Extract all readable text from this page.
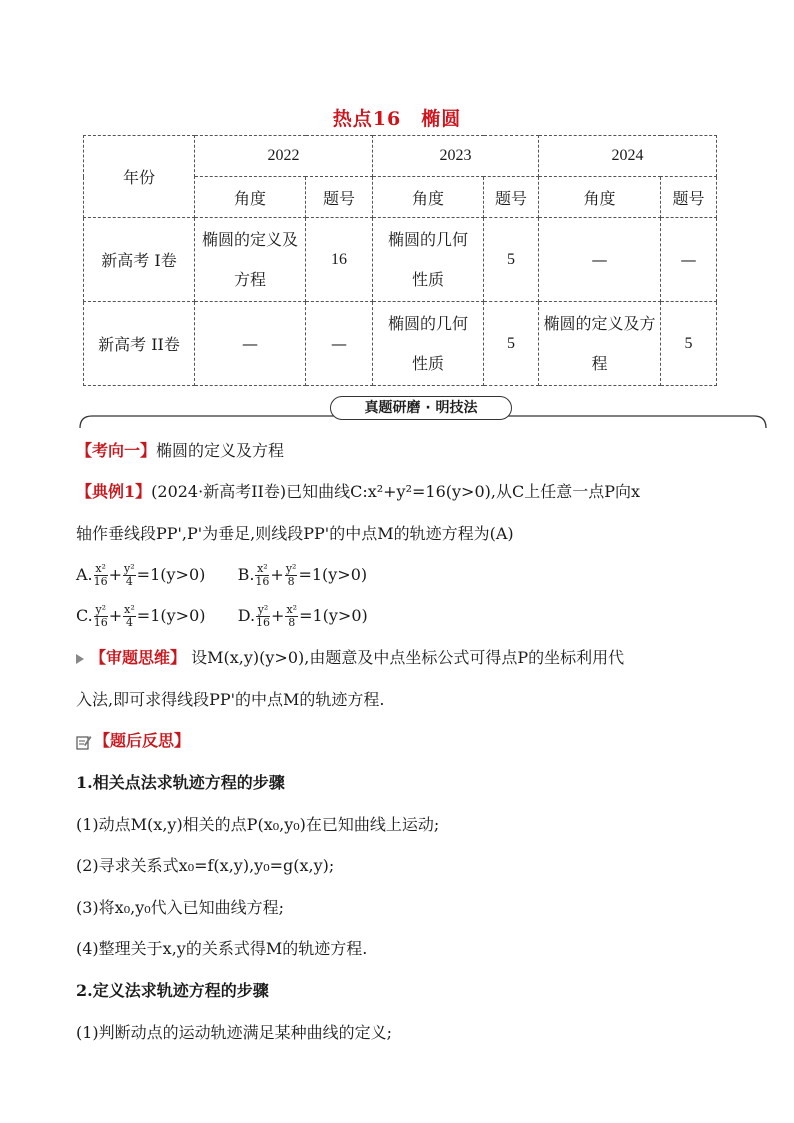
热点16　椭圆
年份	2022		2023		2024	
	角度	题号	角度	题号	角度	题号
新高考 I卷	椭圆的定义及方程	16	椭圆的几何性质	5	—	—
新高考 II卷	—	—	椭圆的几何性质	5	椭圆的定义及方程	5
真题研磨 · 明技法
【考向一】椭圆的定义及方程
【典例1】(2024·新高考II卷)已知曲线C:x²+y²=16(y>0),从C上任意一点P向x
轴作垂线段PP',P'为垂足,则线段PP'的中点M的轨迹方程为(A)
A. $\frac{\text{x²}}{16} + \frac{\text{y²}}{4} =1(y>0)$ B. $\frac{\text{x²}}{16} + \frac{\text{y²}}{8} =1(y>0)$
C. $\frac{\text{y²}}{16} + \frac{\text{x²}}{4} =1(y>0)$ D. $\frac{\text{y²}}{16} + \frac{\text{x²}}{8} =1(y>0)$
【审题思维】 设M(x,y)(y>0),由题意及中点坐标公式可得点P的坐标利用代
入法,即可求得线段PP'的中点M的轨迹方程.
【题后反思】
1.相关点法求轨迹方程的步骤
(1)动点M(x,y)相关的点P(x₀,y₀)在已知曲线上运动;
(2)寻求关系式x₀=f(x,y),y₀=g(x,y);
(3)将x₀,y₀代入已知曲线方程;
(4)整理关于x,y的关系式得M的轨迹方程.
2.定义法求轨迹方程的步骤
(1)判断动点的运动轨迹满足某种曲线的定义;
